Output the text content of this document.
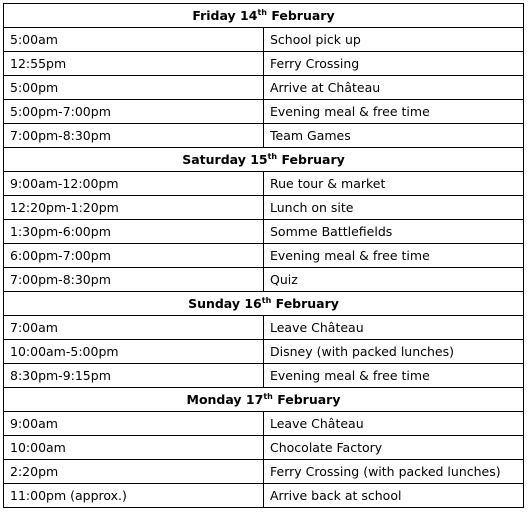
Friday 14th February	
5:00am	School pick up
12:55pm	Ferry Crossing
5:00pm	Arrive at Château
5:00pm-7:00pm	Evening meal & free time
7:00pm-8:30pm	Team Games
Saturday 15th February	
9:00am-12:00pm	Rue tour & market
12:20pm-1:20pm	Lunch on site
1:30pm-6:00pm	Somme Battlefields
6:00pm-7:00pm	Evening meal & free time
7:00pm-8:30pm	Quiz
Sunday 16th February	
7:00am	Leave Château
10:00am-5:00pm	Disney (with packed lunches)
8:30pm-9:15pm	Evening meal & free time
Monday 17th February	
9:00am	Leave Château
10:00am	Chocolate Factory
2:20pm	Ferry Crossing (with packed lunches)
11:00pm (approx.)	Arrive back at school
